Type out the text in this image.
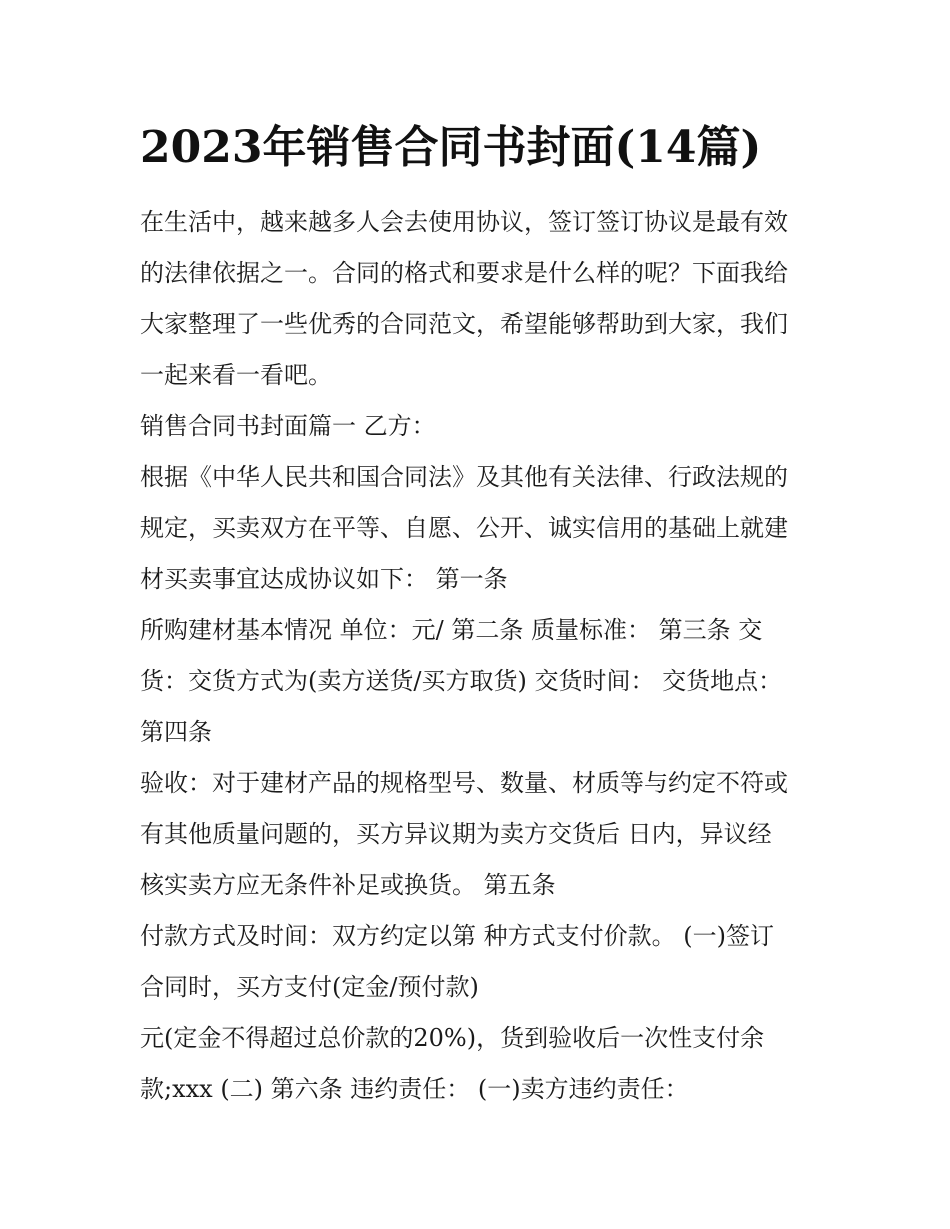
2023年销售合同书封面(14篇)
在生活中，越来越多人会去使用协议，签订签订协议是最有效
的法律依据之一。合同的格式和要求是什么样的呢？下面我给
大家整理了一些优秀的合同范文，希望能够帮助到大家，我们
一起来看一看吧。
销售合同书封面篇一 乙方：
根据《中华人民共和国合同法》及其他有关法律、行政法规的
规定，买卖双方在平等、自愿、公开、诚实信用的基础上就建
材买卖事宜达成协议如下： 第一条
所购建材基本情况 单位：元/ 第二条 质量标准： 第三条 交
货：交货方式为(卖方送货/买方取货) 交货时间： 交货地点：
第四条
验收：对于建材产品的规格型号、数量、材质等与约定不符或
有其他质量问题的，买方异议期为卖方交货后 日内，异议经
核实卖方应无条件补足或换货。 第五条
付款方式及时间：双方约定以第 种方式支付价款。 (一)签订
合同时，买方支付(定金/预付款)
元(定金不得超过总价款的20%)，货到验收后一次性支付余
款;xxx (二) 第六条 违约责任： (一)卖方违约责任：
